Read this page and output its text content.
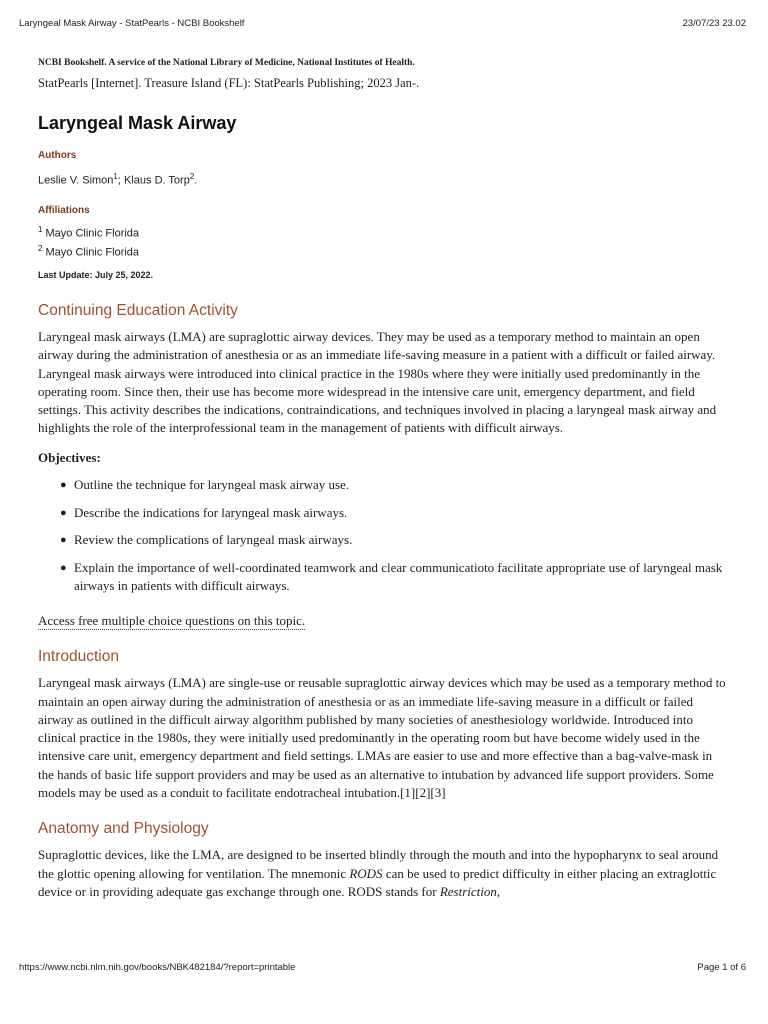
Laryngeal Mask Airway - StatPearls - NCBI Bookshelf	23/07/23 23.02
NCBI Bookshelf. A service of the National Library of Medicine, National Institutes of Health.
StatPearls [Internet]. Treasure Island (FL): StatPearls Publishing; 2023 Jan-.
Laryngeal Mask Airway
Authors
Leslie V. Simon$^1$; Klaus D. Torp$^2$.
Affiliations
$^1$ Mayo Clinic Florida
$^2$ Mayo Clinic Florida
Last Update: July 25, 2022.
Continuing Education Activity

Laryngeal mask airways (LMA) are supraglottic airway devices. They may be used as a temporary method to maintain an open airway during the administration of anesthesia or as an immediate life-saving measure in a patient with a difficult or failed airway. Laryngeal mask airways were introduced into clinical practice in the 1980s where they were initially used predominantly in the operating room. Since then, their use has become more widespread in the intensive care unit, emergency department, and field settings. This activity describes the indications, contraindications, and techniques involved in placing a laryngeal mask airway and highlights the role of the interprofessional team in the management of patients with difficult airways.

Objectives:
● Outline the technique for laryngeal mask airway use.
● Describe the indications for laryngeal mask airways.
● Review the complications of laryngeal mask airways.
● Explain the importance of well-coordinated teamwork and clear communicatioto facilitate appropriate use of laryngeal mask airways in patients with difficult airways.
Access free multiple choice questions on this topic.
Introduction

Laryngeal mask airways (LMA) are single-use or reusable supraglottic airway devices which may be used as a temporary method to maintain an open airway during the administration of anesthesia or as an immediate life-saving measure in a difficult or failed airway as outlined in the difficult airway algorithm published by many societies of anesthesiology worldwide. Introduced into clinical practice in the 1980s, they were initially used predominantly in the operating room but have become widely used in the intensive care unit, emergency department and field settings. LMAs are easier to use and more effective than a bag-valve-mask in the hands of basic life support providers and may be used as an alternative to intubation by advanced life support providers. Some models may be used as a conduit to facilitate endotracheal intubation.[1][2][3]

Anatomy and Physiology

Supraglottic devices, like the LMA, are designed to be inserted blindly through the mouth and into the hypopharynx to seal around the glottic opening allowing for ventilation. The mnemonic RODS can be used to predict difficulty in either placing an extraglottic device or in providing adequate gas exchange through one. RODS stands for Restriction,

https://www.ncbi.nlm.nih.gov/books/NBK482184/?report=printable	Page 1 of 6
